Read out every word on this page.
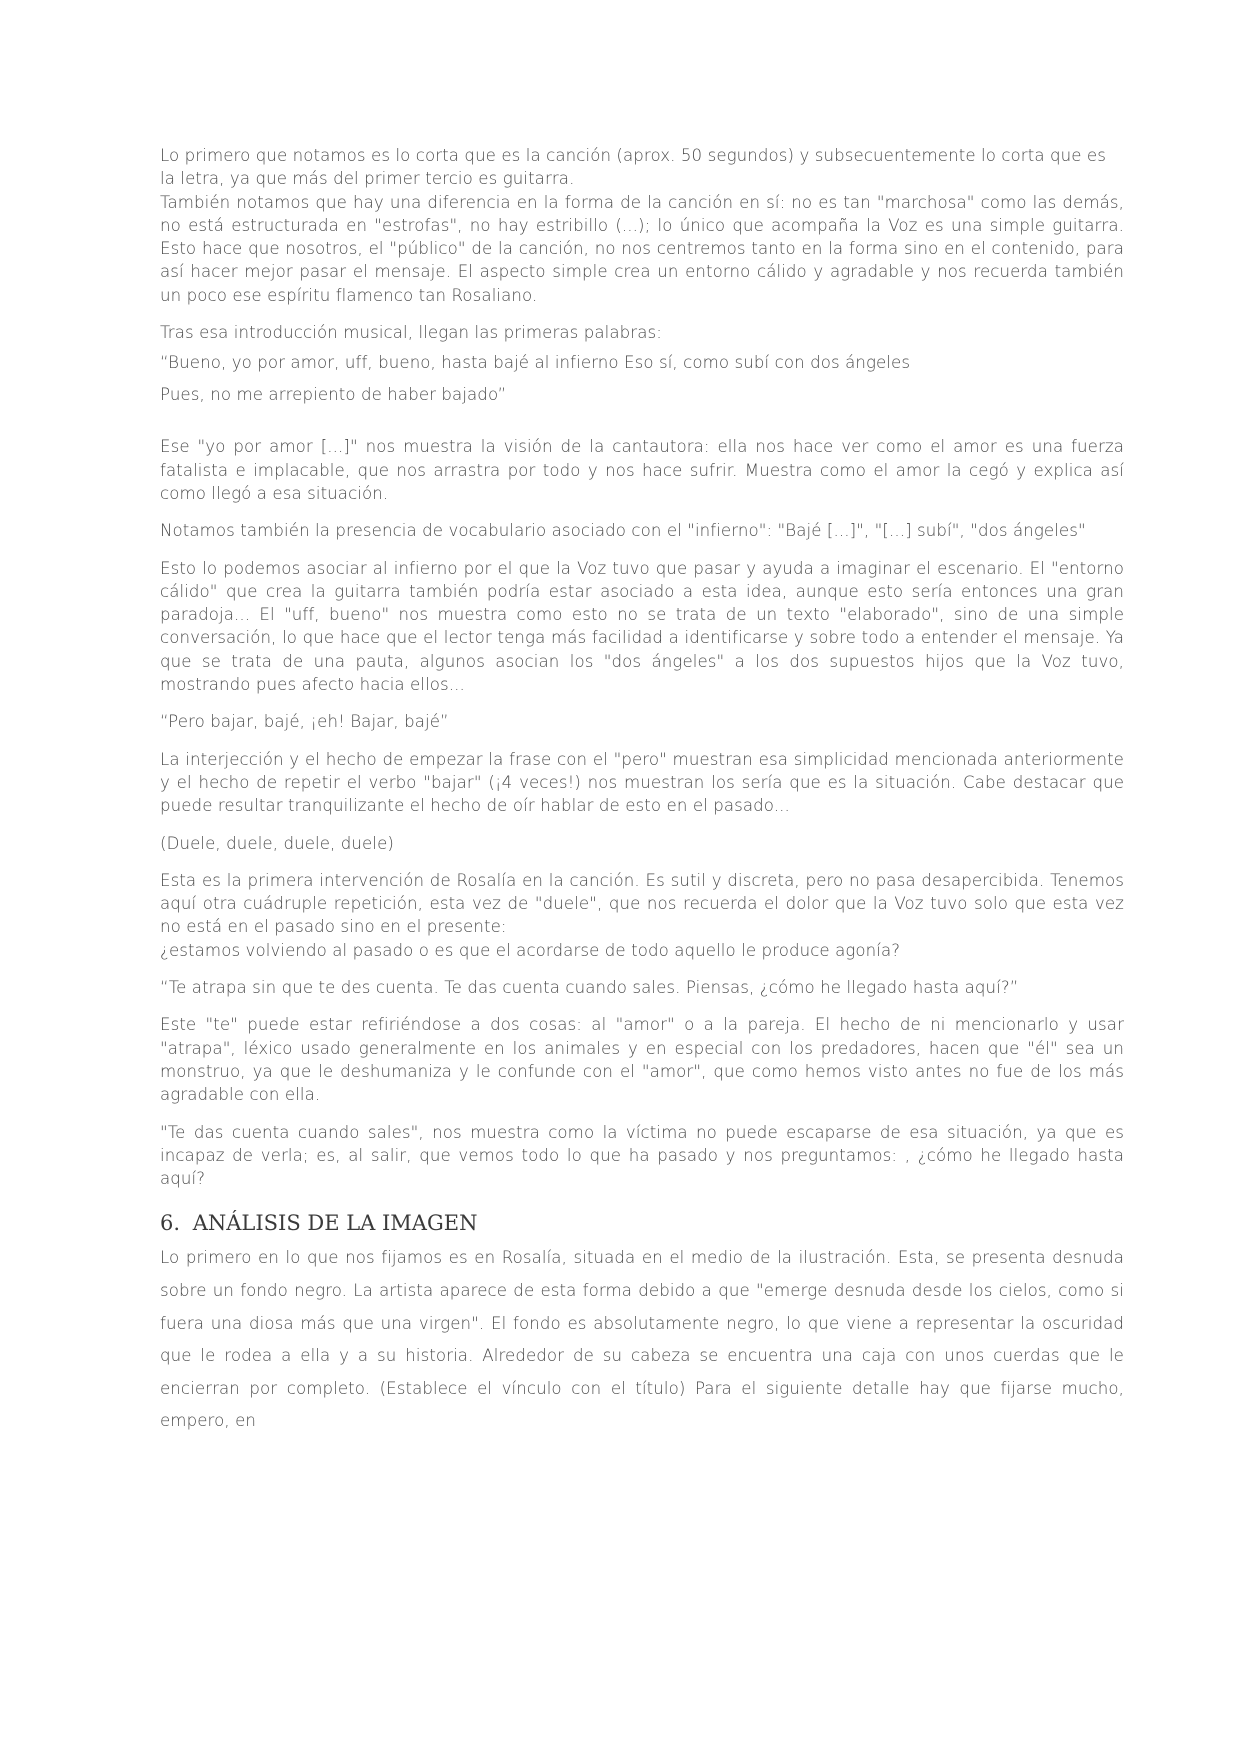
Lo primero que notamos es lo corta que es la canción (aprox. 50 segundos) y subsecuentemente lo corta que es la letra, ya que más del primer tercio es guitarra.

También notamos que hay una diferencia en la forma de la canción en sí: no es tan "marchosa" como las demás, no está estructurada en "estrofas", no hay estribillo (...); lo único que acompaña la Voz es una simple guitarra. Esto hace que nosotros, el "público" de la canción, no nos centremos tanto en la forma sino en el contenido, para así hacer mejor pasar el mensaje. El aspecto simple crea un entorno cálido y agradable y nos recuerda también un poco ese espíritu flamenco tan Rosaliano.

Tras esa introducción musical, llegan las primeras palabras:

“Bueno, yo por amor, uff, bueno, hasta bajé al infierno Eso sí, como subí con dos ángeles

Pues, no me arrepiento de haber bajado”

Ese "yo por amor [...]" nos muestra la visión de la cantautora: ella nos hace ver como el amor es una fuerza fatalista e implacable, que nos arrastra por todo y nos hace sufrir. Muestra como el amor la cegó y explica así como llegó a esa situación.

Notamos también la presencia de vocabulario asociado con el "infierno": "Bajé [...]", "[...] subí", "dos ángeles"

Esto lo podemos asociar al infierno por el que la Voz tuvo que pasar y ayuda a imaginar el escenario. El "entorno cálido" que crea la guitarra también podría estar asociado a esta idea, aunque esto sería entonces una gran paradoja... El "uff, bueno" nos muestra como esto no se trata de un texto "elaborado", sino de una simple conversación, lo que hace que el lector tenga más facilidad a identificarse y sobre todo a entender el mensaje. Ya que se trata de una pauta, algunos asocian los "dos ángeles" a los dos supuestos hijos que la Voz tuvo, mostrando pues afecto hacia ellos...

“Pero bajar, bajé, ¡eh! Bajar, bajé”

La interjección y el hecho de empezar la frase con el "pero" muestran esa simplicidad mencionada anteriormente y el hecho de repetir el verbo "bajar" (¡4 veces!) nos muestran los sería que es la situación. Cabe destacar que puede resultar tranquilizante el hecho de oír hablar de esto en el pasado...

(Duele, duele, duele, duele)

Esta es la primera intervención de Rosalía en la canción. Es sutil y discreta, pero no pasa desapercibida. Tenemos aquí otra cuádruple repetición, esta vez de "duele", que nos recuerda el dolor que la Voz tuvo solo que esta vez no está en el pasado sino en el presente:

¿estamos volviendo al pasado o es que el acordarse de todo aquello le produce agonía?

“Te atrapa sin que te des cuenta. Te das cuenta cuando sales. Piensas, ¿cómo he llegado hasta aquí?”

Este "te" puede estar refiriéndose a dos cosas: al "amor" o a la pareja. El hecho de ni mencionarlo y usar "atrapa", léxico usado generalmente en los animales y en especial con los predadores, hacen que "él" sea un monstruo, ya que le deshumaniza y le confunde con el "amor", que como hemos visto antes no fue de los más agradable con ella.

"Te das cuenta cuando sales", nos muestra como la víctima no puede escaparse de esa situación, ya que es incapaz de verla; es, al salir, que vemos todo lo que ha pasado y nos preguntamos: , ¿cómo he llegado hasta aquí?

6. ANÁLISIS DE LA IMAGEN

Lo primero en lo que nos fijamos es en Rosalía, situada en el medio de la ilustración. Esta, se presenta desnuda sobre un fondo negro. La artista aparece de esta forma debido a que "emerge desnuda desde los cielos, como si fuera una diosa más que una virgen". El fondo es absolutamente negro, lo que viene a representar la oscuridad que le rodea a ella y a su historia. Alrededor de su cabeza se encuentra una caja con unos cuerdas que le encierran por completo. (Establece el vínculo con el título) Para el siguiente detalle hay que fijarse mucho, empero, en
